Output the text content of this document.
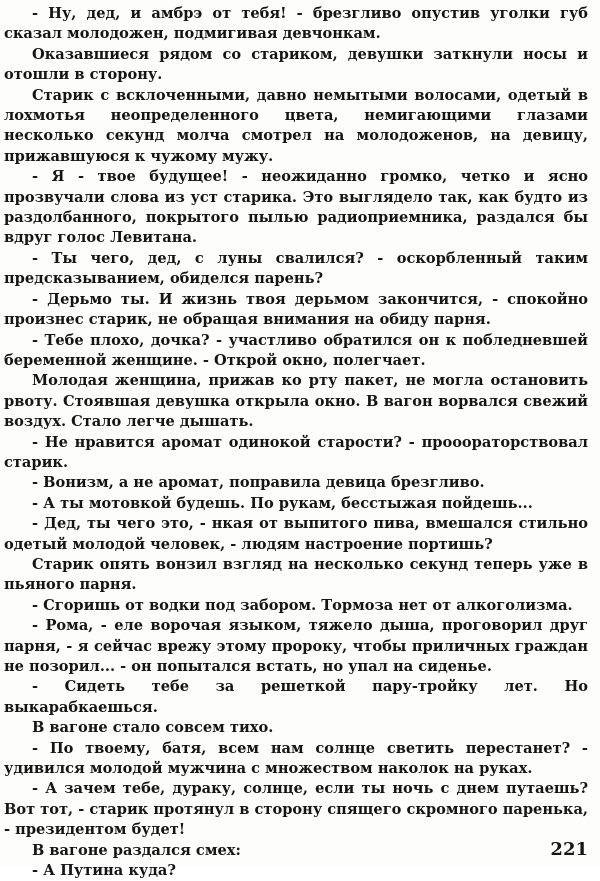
- Ну, дед, и амбрэ от тебя! - брезгливо опустив уголки губ сказал молодожен, подмигивая девчонкам.

Оказавшиеся рядом со стариком, девушки заткнули носы и отошли в сторону.

Старик с всклоченными, давно немытыми волосами, одетый в лохмотья неопределенного цвета, немигающими глазами несколько секунд молча смотрел на молодоженов, на девицу, прижавшуюся к чужому мужу.

- Я - твое будущее! - неожиданно громко, четко и ясно прозвучали слова из уст старика. Это выглядело так, как будто из раздолбанного, покрытого пылью радиоприемника, раздался бы вдруг голос Левитана.

- Ты чего, дед, с луны свалился? - оскорбленный таким предсказыванием, обиделся парень?

- Дерьмо ты. И жизнь твоя дерьмом закончится, - спокойно произнес старик, не обращая внимания на обиду парня.

- Тебе плохо, дочка? - участливо обратился он к побледневшей беременной женщине. - Открой окно, полегчает.

Молодая женщина, прижав ко рту пакет, не могла остановить рвоту. Стоявшая девушка открыла окно. В вагон ворвался свежий воздух. Стало легче дышать.

- Не нравится аромат одинокой старости? - прооораторствовал старик.

- Вонизм, а не аромат, поправила девица брезгливо.

- А ты мотовкой будешь. По рукам, бесстыжая пойдешь...

- Дед, ты чего это, - нкая от выпитого пива, вмешался стильно одетый молодой человек, - людям настроение портишь?

Старик опять вонзил взгляд на несколько секунд теперь уже в пьяного парня.

- Сгоришь от водки под забором. Тормоза нет от алкоголизма.

- Рома, - еле ворочая языком, тяжело дыша, проговорил друг парня, - я сейчас врежу этому пророку, чтобы приличных граждан не позорил... - он попытался встать, но упал на сиденье.

- Сидеть тебе за решеткой пару-тройку лет. Но выкарабкаешься.

В вагоне стало совсем тихо.

- По твоему, батя, всем нам солнце светить перестанет? - удивился молодой мужчина с множеством наколок на руках.

- А зачем тебе, дураку, солнце, если ты ночь с днем путаешь? Вот тот, - старик протянул в сторону спящего скромного паренька, - президентом будет!

В вагоне раздался смех:

- А Путина куда?

221
